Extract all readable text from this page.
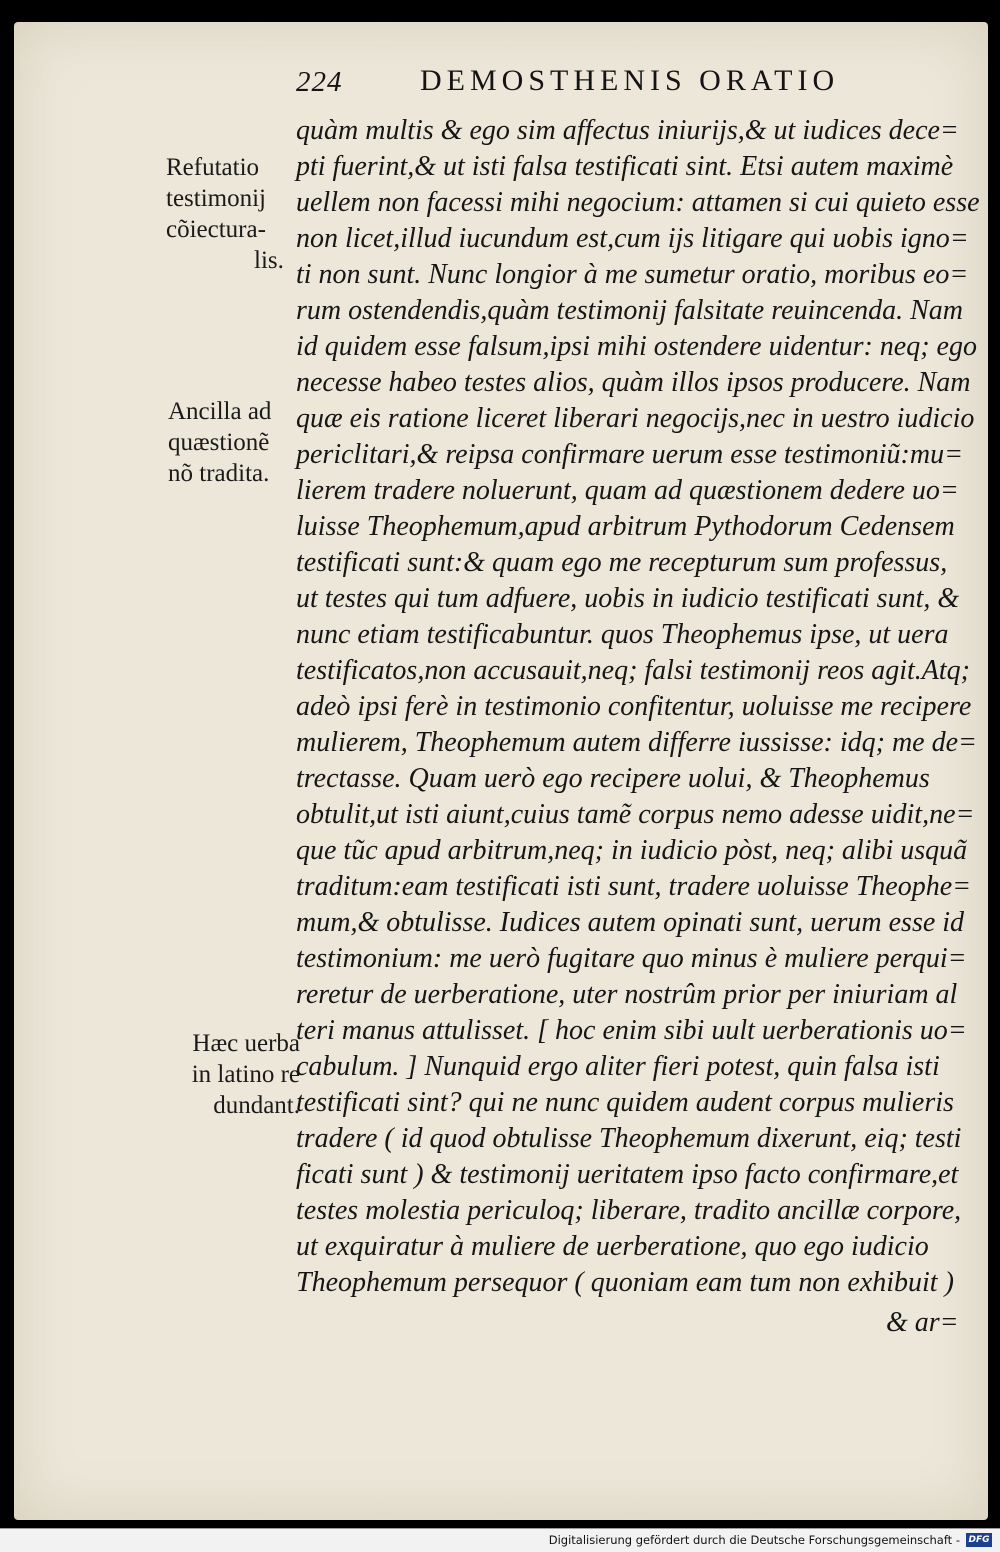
224	DEMOSTHENIS ORATIO
quàm multis & ego sim affectus iniurijs,& ut iudices dece=
pti fuerint,& ut isti falsa testificati sint. Etsi autem maximè
uellem non facessi mihi negocium: attamen si cui quieto esse
non licet,illud iucundum est,cum ijs litigare qui uobis igno=
ti non sunt. Nunc longior à me sumetur oratio, moribus eo=
rum ostendendis,quàm testimonij falsitate reuincenda. Nam
id quidem esse falsum,ipsi mihi ostendere uidentur: neq; ego
necesse habeo testes alios, quàm illos ipsos producere. Nam
quæ eis ratione liceret liberari negocijs,nec in uestro iudicio
periclitari,& reipsa confirmare uerum esse testimoniũ:mu=
lierem tradere noluerunt, quam ad quæstionem dedere uo=
luisse Theophemum,apud arbitrum Pythodorum Cedensem
testificati sunt:& quam ego me recepturum sum professus,
ut testes qui tum adfuere, uobis in iudicio testificati sunt, &
nunc etiam testificabuntur. quos Theophemus ipse, ut uera
testificatos,non accusauit,neq; falsi testimonij reos agit.Atq;
adeò ipsi ferè in testimonio confitentur, uoluisse me recipere
mulierem, Theophemum autem differre iussisse: idq; me de=
trectasse. Quam uerò ego recipere uolui, & Theophemus
obtulit,ut isti aiunt,cuius tamẽ corpus nemo adesse uidit,ne=
que tũc apud arbitrum,neq; in iudicio pòst, neq; alibi usquã
traditum:eam testificati isti sunt, tradere uoluisse Theophe=
mum,& obtulisse. Iudices autem opinati sunt, uerum esse id
testimonium: me uerò fugitare quo minus è muliere perqui=
reretur de uerberatione, uter nostrûm prior per iniuriam al
teri manus attulisset. [ hoc enim sibi uult uerberationis uo=
cabulum. ] Nunquid ergo aliter fieri potest, quin falsa isti
testificati sint? qui ne nunc quidem audent corpus mulieris
tradere ( id quod obtulisse Theophemum dixerunt, eiq; testi
ficati sunt ) & testimonij ueritatem ipso facto confirmare,et
testes molestia periculoq; liberare, tradito ancillæ corpore,
ut exquiratur à muliere de uerberatione, quo ego iudicio
Theophemum persequor ( quoniam eam tum non exhibuit )
& ar=
Refutatio
testimonij
cõiectura-
lis.
Ancilla ad
quæstionẽ
nõ tradita.
Hæc uerba
in latino re
dundant.
Digitalisierung gefördert durch die Deutsche Forschungsgemeinschaft - DFG
